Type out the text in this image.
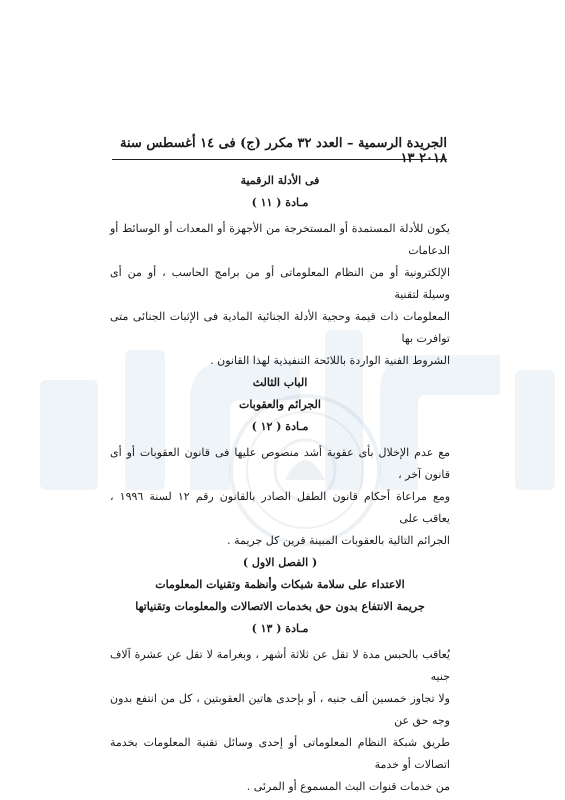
الجريدة الرسمية – العدد ٣٢ مكرر (ج) فى ١٤ أغسطس سنة ٢٠١٨ ١٣
فى الأدلة الرقمية
مـادة ( ١١ )
يكون للأدلة المستمدة أو المستخرجة من الأجهزة أو المعدات أو الوسائط أو الدعامات
الإلكترونية أو من النظام المعلوماتى أو من برامج الحاسب ، أو من أى وسيلة لتقنية
المعلومات ذات قيمة وحجية الأدلة الجنائية المادية فى الإثبات الجنائى متى توافرت بها
الشروط الفنية الواردة باللائحة التنفيذية لهذا القانون .
الباب الثالث
الجرائم والعقوبات
مـادة ( ١٢ )
مع عدم الإخلال بأى عقوبة أشد منصوص عليها فى قانون العقوبات أو أى قانون آخر ،
ومع مراعاة أحكام قانون الطفل الصادر بالقانون رقم ١٢ لسنة ١٩٩٦ ، يعاقب على
الجرائم التالية بالعقوبات المبينة قرين كل جريمة .
( الفصل الاول )
الاعتداء على سلامة شبكات وأنظمة وتقنيات المعلومات
جريمة الانتفاع بدون حق بخدمات الاتصالات والمعلومات وتقنياتها
مـادة ( ١٣ )
يُعاقب بالحبس مدة لا تقل عن ثلاثة أشهر ، وبغرامة لا تقل عن عشرة آلاف جنيه
ولا تجاوز خمسين ألف جنيه ، أو بإحدى هاتين العقوبتين ، كل من انتفع بدون وجه حق عن
طريق شبكة النظام المعلوماتى أو إحدى وسائل تقنية المعلومات بخدمة اتصالات أو خدمة
من خدمات قنوات البث المسموع أو المرئى .
